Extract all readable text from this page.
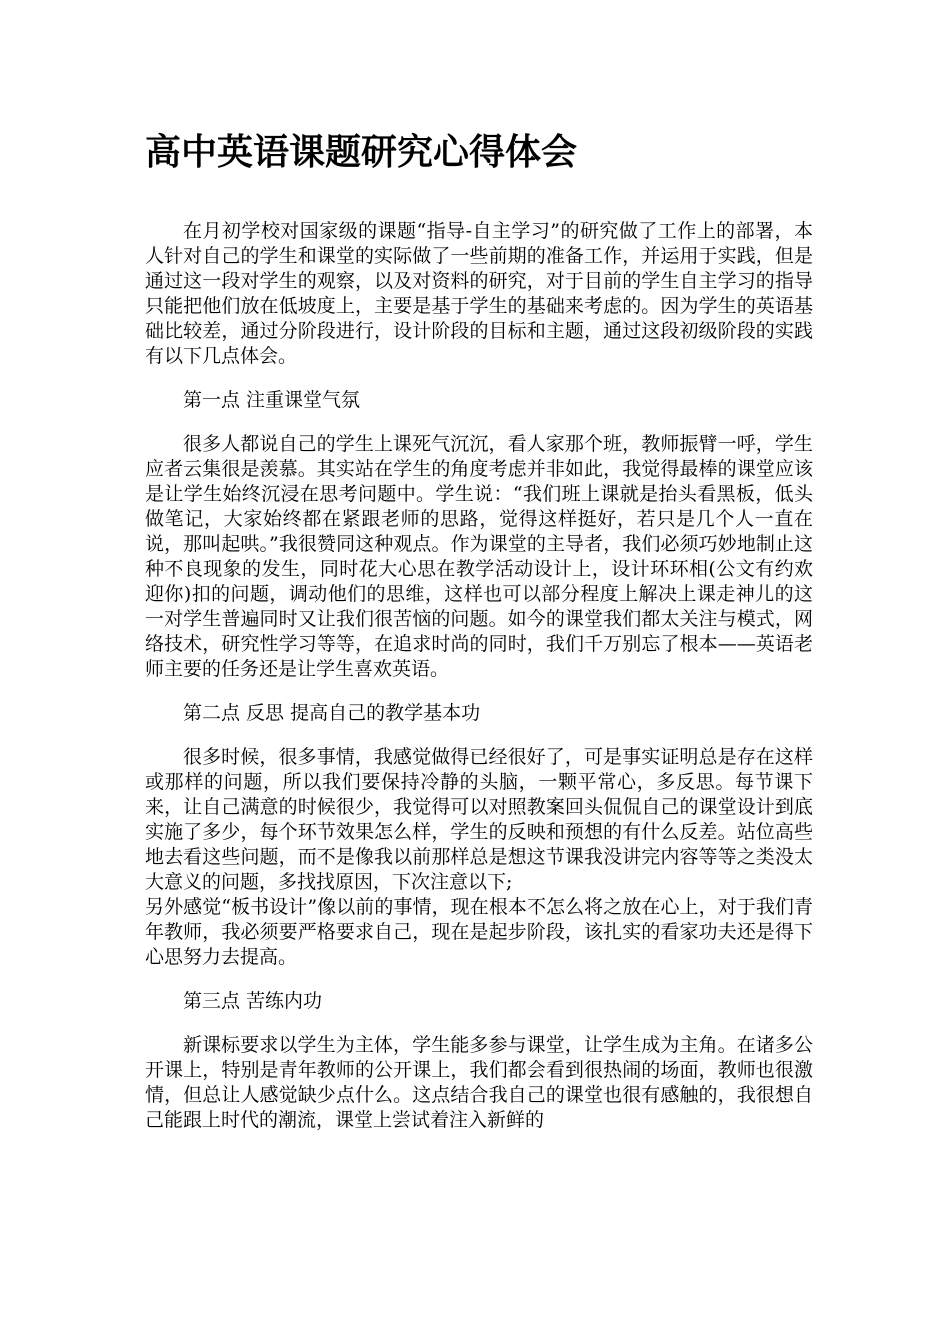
高中英语课题研究心得体会

在月初学校对国家级的课题“指导-自主学习”的研究做了工作上的部署，本人针对自己的学生和课堂的实际做了一些前期的准备工作，并运用于实践，但是通过这一段对学生的观察，以及对资料的研究，对于目前的学生自主学习的指导只能把他们放在低坡度上，主要是基于学生的基础来考虑的。因为学生的英语基础比较差，通过分阶段进行，设计阶段的目标和主题，通过这段初级阶段的实践有以下几点体会。

第一点 注重课堂气氛

很多人都说自己的学生上课死气沉沉，看人家那个班，教师振臂一呼，学生应者云集很是羡慕。其实站在学生的角度考虑并非如此，我觉得最棒的课堂应该是让学生始终沉浸在思考问题中。学生说：“我们班上课就是抬头看黑板，低头做笔记，大家始终都在紧跟老师的思路，觉得这样挺好，若只是几个人一直在说，那叫起哄。”我很赞同这种观点。作为课堂的主导者，我们必须巧妙地制止这种不良现象的发生，同时花大心思在教学活动设计上，设计环环相(公文有约欢迎你)扣的问题，调动他们的思维，这样也可以部分程度上解决上课走神儿的这一对学生普遍同时又让我们很苦恼的问题。如今的课堂我们都太关注与模式，网络技术，研究性学习等等，在追求时尚的同时，我们千万别忘了根本——英语老师主要的任务还是让学生喜欢英语。

第二点 反思 提高自己的教学基本功

很多时候，很多事情，我感觉做得已经很好了，可是事实证明总是存在这样或那样的问题，所以我们要保持冷静的头脑，一颗平常心，多反思。每节课下来，让自己满意的时候很少，我觉得可以对照教案回头侃侃自己的课堂设计到底实施了多少，每个环节效果怎么样，学生的反映和预想的有什么反差。站位高些地去看这些问题，而不是像我以前那样总是想这节课我没讲完内容等等之类没太大意义的问题，多找找原因，下次注意以下;

另外感觉“板书设计”像以前的事情，现在根本不怎么将之放在心上，对于我们青年教师，我必须要严格要求自己，现在是起步阶段，该扎实的看家功夫还是得下心思努力去提高。

第三点 苦练内功

新课标要求以学生为主体，学生能多参与课堂，让学生成为主角。在诸多公开课上，特别是青年教师的公开课上，我们都会看到很热闹的场面，教师也很激情，但总让人感觉缺少点什么。这点结合我自己的课堂也很有感触的，我很想自己能跟上时代的潮流，课堂上尝试着注入新鲜的
